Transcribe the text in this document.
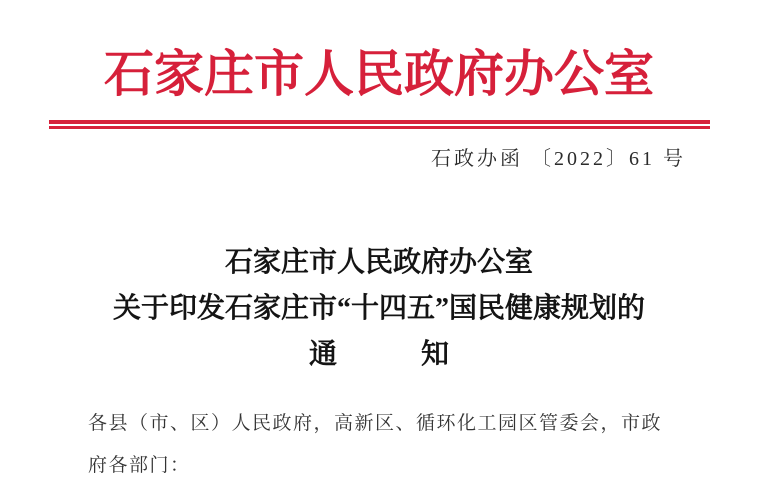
石家庄市人民政府办公室
石政办函 〔2022〕61 号
石家庄市人民政府办公室
关于印发石家庄市“十四五”国民健康规划的
通　　　知
各县（市、区）人民政府，高新区、循环化工园区管委会，市政
府各部门：
